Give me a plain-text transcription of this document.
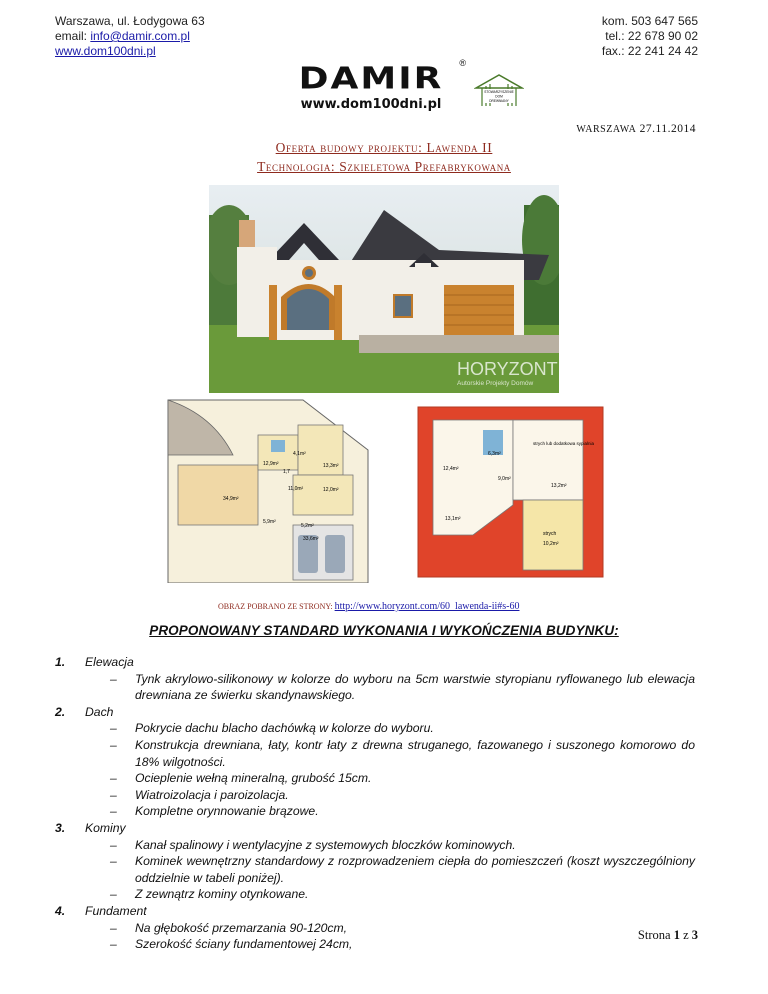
Warszawa, ul. Łodygowa 63
email: info@damir.com.pl
www.dom100dni.pl
kom. 503 647 565
tel.: 22 678 90 02
fax.: 22 241 24 42
DAMIR
www.dom100dni.pl
®
STOWARZYSZENIE
DOM
DREWNIANY
WARSZAWA 27.11.2014
Oferta budowy projektu: Lawenda II
Technologia: Szkieletowa Prefabrykowana
HORYZONT
Autorskie Projekty Domów
12,9m²
4,1m²
1,7
13,3m²
11,0m²	12,0m²
34,9m²
5,9m²
5,2m²
33,6m²
6,3m²
12,4m²
9,0m²
13,2m²
13,1m²
10,2m²
strych
strych lub dodatkowa sypialnia
OBRAZ POBRANO ZE STRONY: http://www.horyzont.com/60_lawenda-ii#s-60
PROPONOWANY STANDARD WYKONANIA I WYKOŃCZENIA BUDYNKU:
1. Elewacja
– Tynk akrylowo-silikonowy w kolorze do wyboru na 5cm warstwie styropianu ryflowanego lub elewacja drewniana ze świerku skandynawskiego.
2. Dach
– Pokrycie dachu blacho dachówką w kolorze do wyboru.
– Konstrukcja drewniana, łaty, kontr łaty z drewna struganego, fazowanego i suszonego komorowo do 18% wilgotności.
– Ocieplenie wełną mineralną, grubość 15cm.
– Wiatroizolacja i paroizolacja.
– Kompletne orynnowanie brązowe.
3. Kominy
– Kanał spalinowy i wentylacyjne z systemowych bloczków kominowych.
– Kominek wewnętrzny standardowy z rozprowadzeniem ciepła do pomieszczeń (koszt wyszczególniony oddzielnie w tabeli poniżej).
– Z zewnątrz kominy otynkowane.
4. Fundament
– Na głębokość przemarzania 90-120cm,
– Szerokość ściany fundamentowej 24cm,
Strona 1 z 3
